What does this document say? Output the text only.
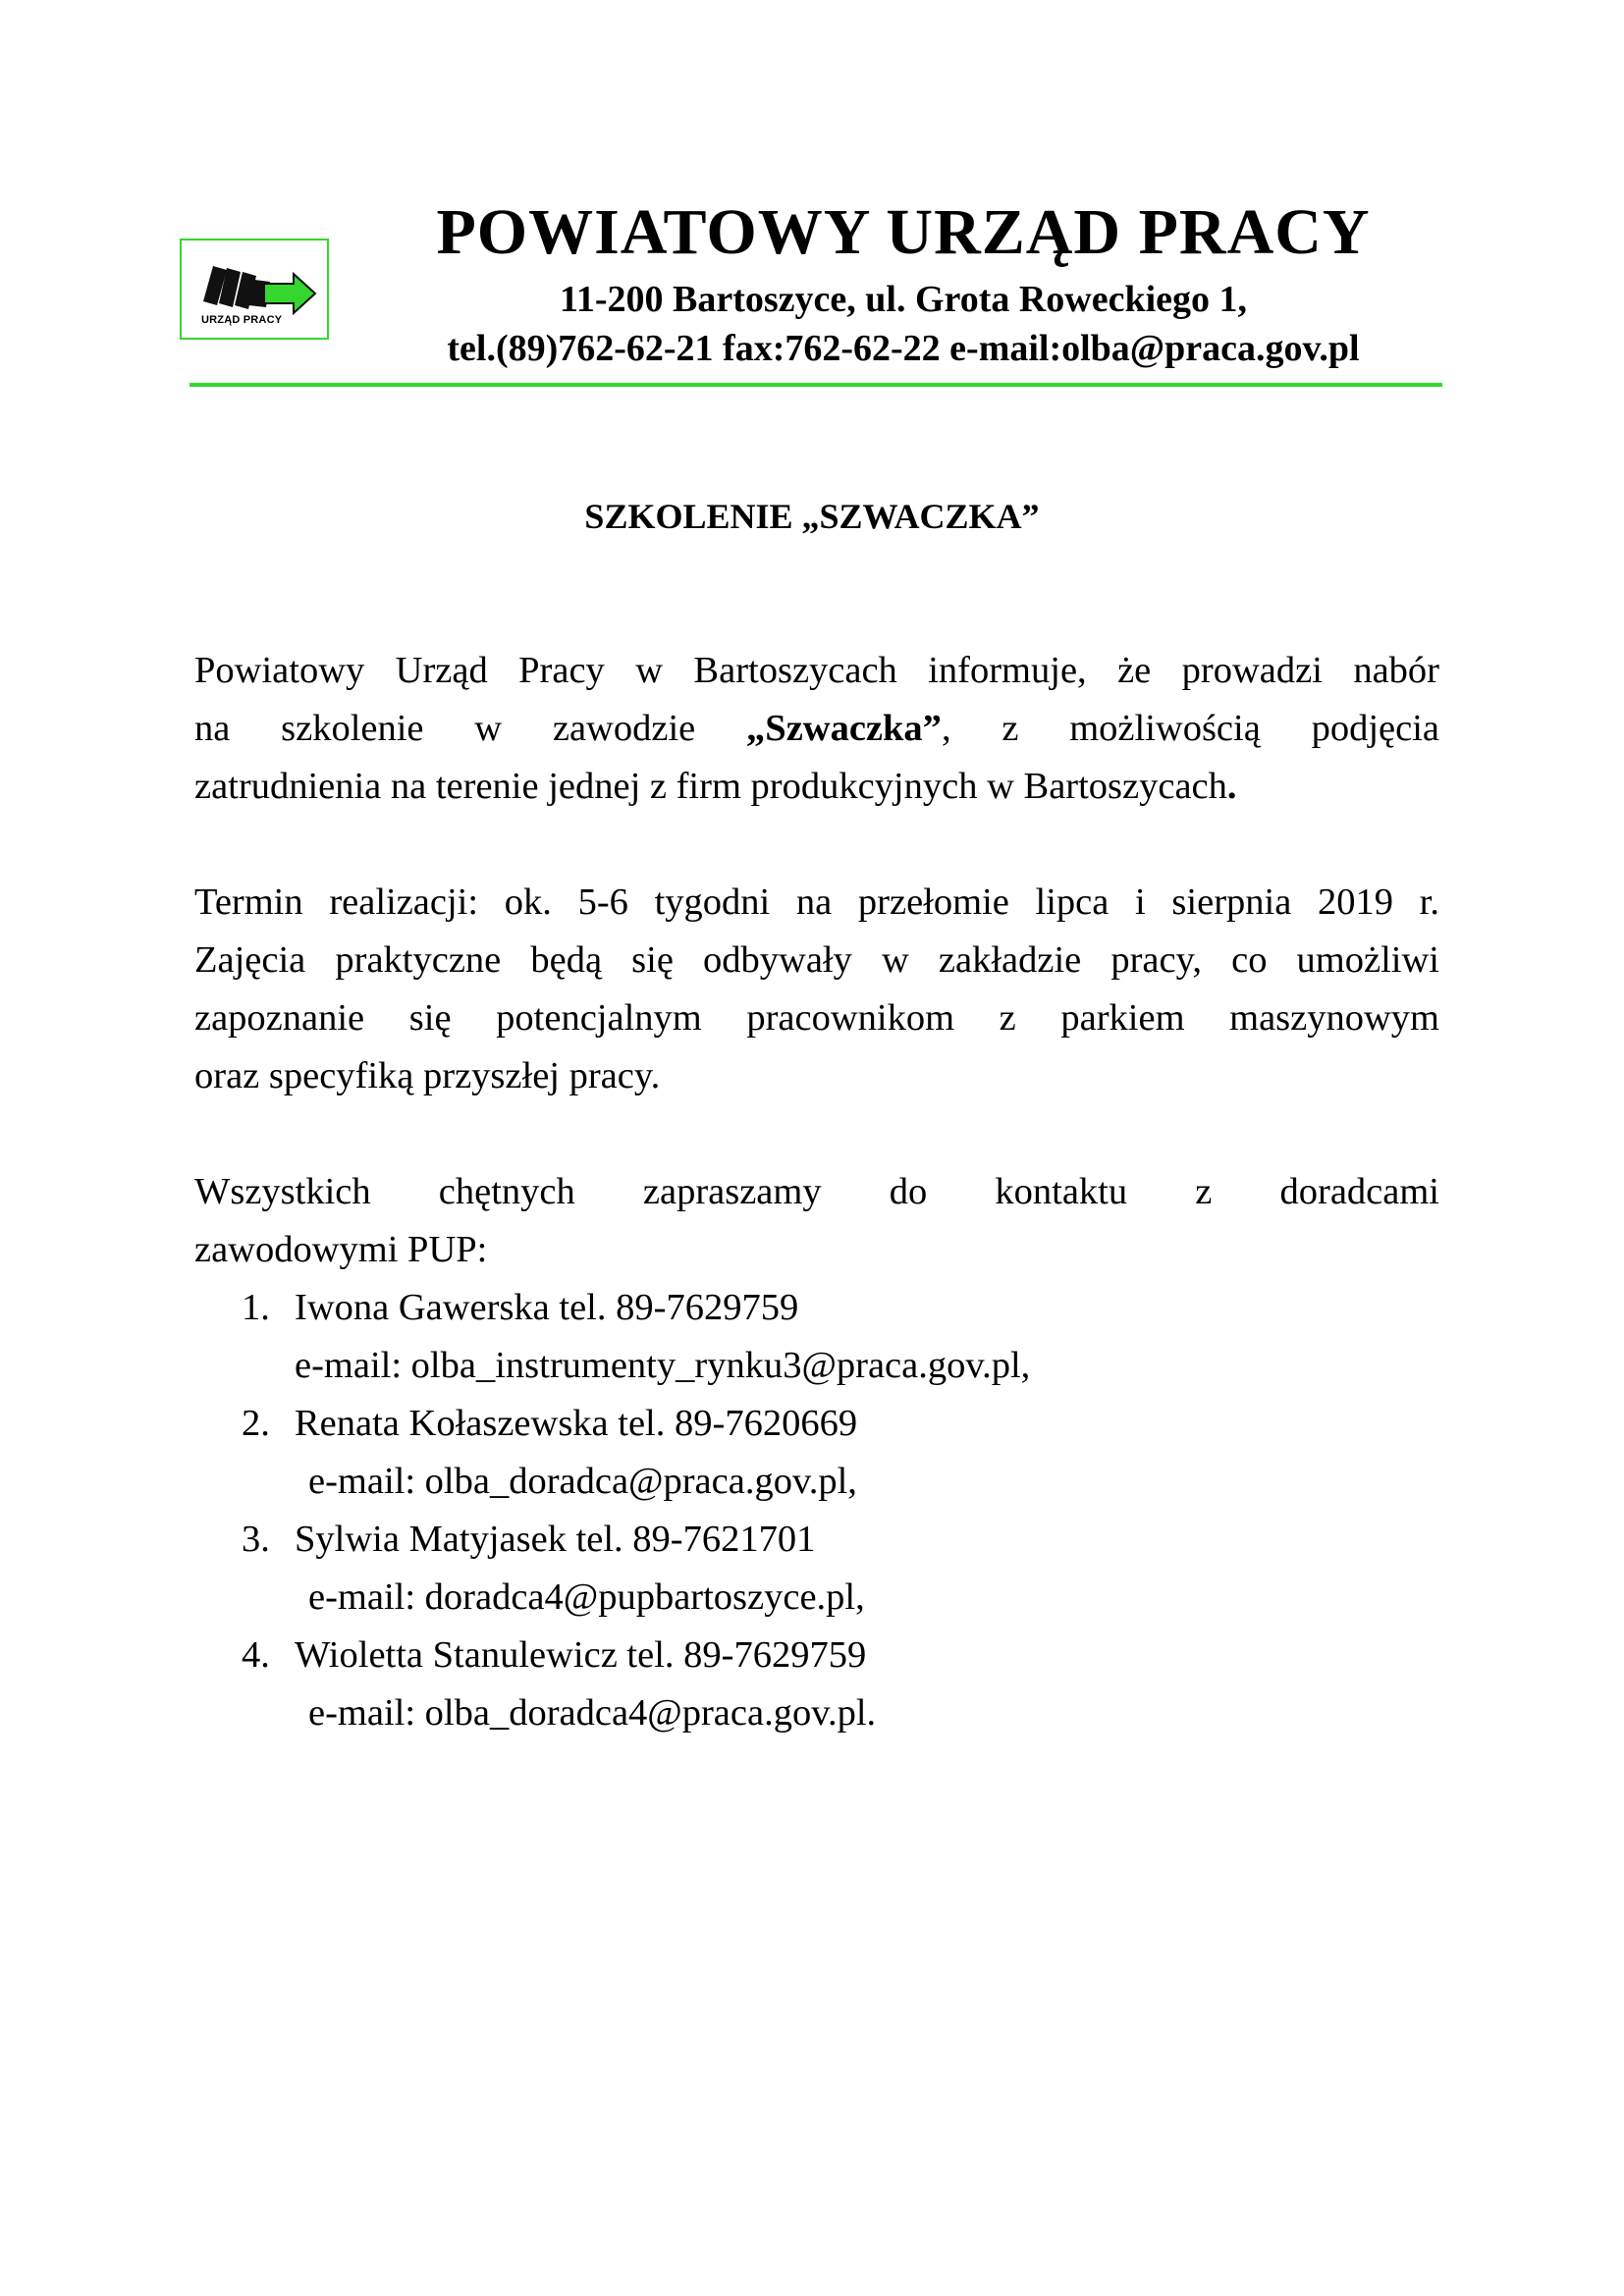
URZĄD PRACY
POWIATOWY URZĄD PRACY
11-200 Bartoszyce, ul. Grota Roweckiego 1,
tel.(89)762-62-21 fax:762-62-22 e-mail:olba@praca.gov.pl
SZKOLENIE „SZWACZKA”
Powiatowy Urząd Pracy w Bartoszycach informuje, że prowadzi nabór
na szkolenie w zawodzie „Szwaczka”, z możliwością podjęcia
zatrudnienia na terenie jednej z firm produkcyjnych w Bartoszycach.
Termin realizacji: ok. 5-6 tygodni na przełomie lipca i sierpnia 2019 r.
Zajęcia praktyczne będą się odbywały w zakładzie pracy, co umożliwi
zapoznanie się potencjalnym pracownikom z parkiem maszynowym
oraz specyfiką przyszłej pracy.
Wszystkich chętnych zapraszamy do kontaktu z doradcami
zawodowymi PUP:
1. Iwona Gawerska tel. 89-7629759
e-mail: olba_instrumenty_rynku3@praca.gov.pl,
2. Renata Kołaszewska tel. 89-7620669
e-mail: olba_doradca@praca.gov.pl,
3. Sylwia Matyjasek tel. 89-7621701
e-mail: doradca4@pupbartoszyce.pl,
4. Wioletta Stanulewicz tel. 89-7629759
e-mail: olba_doradca4@praca.gov.pl.
